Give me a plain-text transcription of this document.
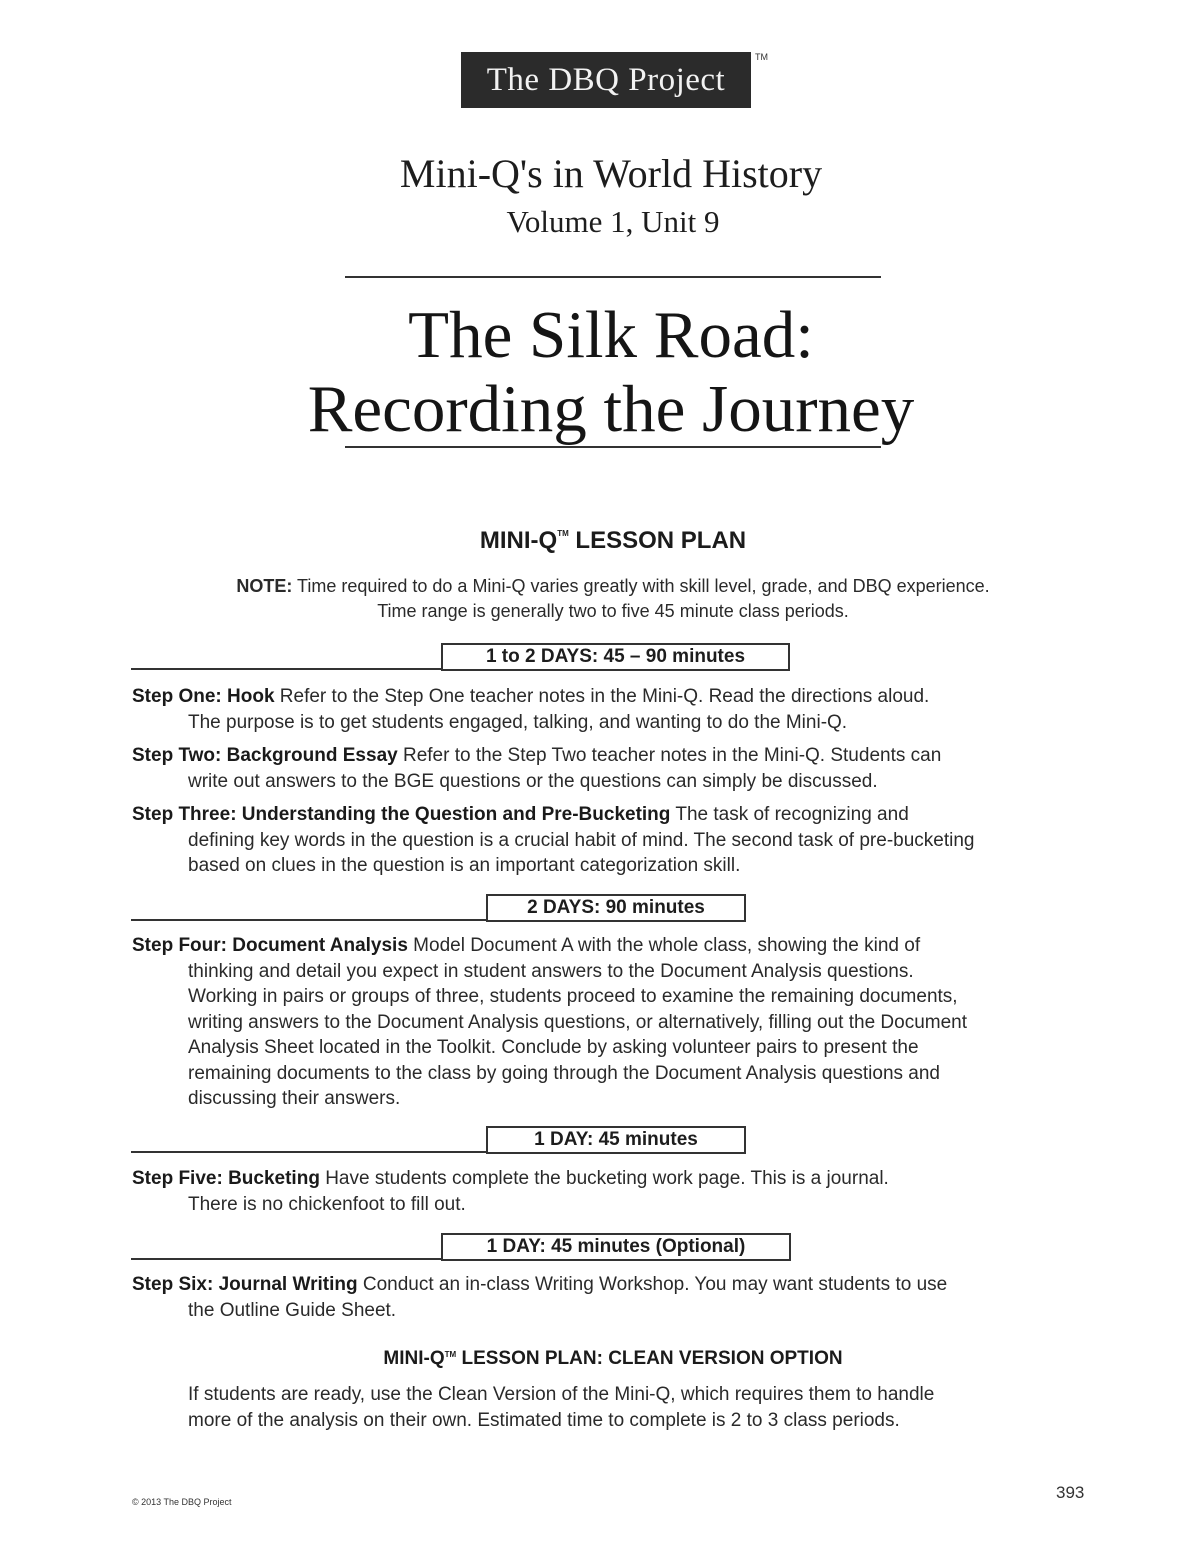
The DBQ Project
TM
Mini-Q's in World History
Volume 1, Unit 9
The Silk Road:
Recording the Journey
MINI-Q™ LESSON PLAN
NOTE: Time required to do a Mini-Q varies greatly with skill level, grade, and DBQ experience.
Time range is generally two to five 45 minute class periods.
1 to 2 DAYS: 45 – 90 minutes
Step One: Hook Refer to the Step One teacher notes in the Mini-Q. Read the directions aloud.
The purpose is to get students engaged, talking, and wanting to do the Mini-Q.
Step Two: Background Essay Refer to the Step Two teacher notes in the Mini-Q. Students can
write out answers to the BGE questions or the questions can simply be discussed.
Step Three: Understanding the Question and Pre-Bucketing The task of recognizing and
defining key words in the question is a crucial habit of mind. The second task of pre-bucketing
based on clues in the question is an important categorization skill.
2 DAYS: 90 minutes
Step Four: Document Analysis Model Document A with the whole class, showing the kind of
thinking and detail you expect in student answers to the Document Analysis questions.
Working in pairs or groups of three, students proceed to examine the remaining documents,
writing answers to the Document Analysis questions, or alternatively, filling out the Document
Analysis Sheet located in the Toolkit. Conclude by asking volunteer pairs to present the
remaining documents to the class by going through the Document Analysis questions and
discussing their answers.
1 DAY: 45 minutes
Step Five: Bucketing Have students complete the bucketing work page. This is a journal.
There is no chickenfoot to fill out.
1 DAY: 45 minutes (Optional)
Step Six: Journal Writing Conduct an in-class Writing Workshop. You may want students to use
the Outline Guide Sheet.
MINI-Q™ LESSON PLAN: CLEAN VERSION OPTION
If students are ready, use the Clean Version of the Mini-Q, which requires them to handle
more of the analysis on their own. Estimated time to complete is 2 to 3 class periods.
© 2013 The DBQ Project	393
